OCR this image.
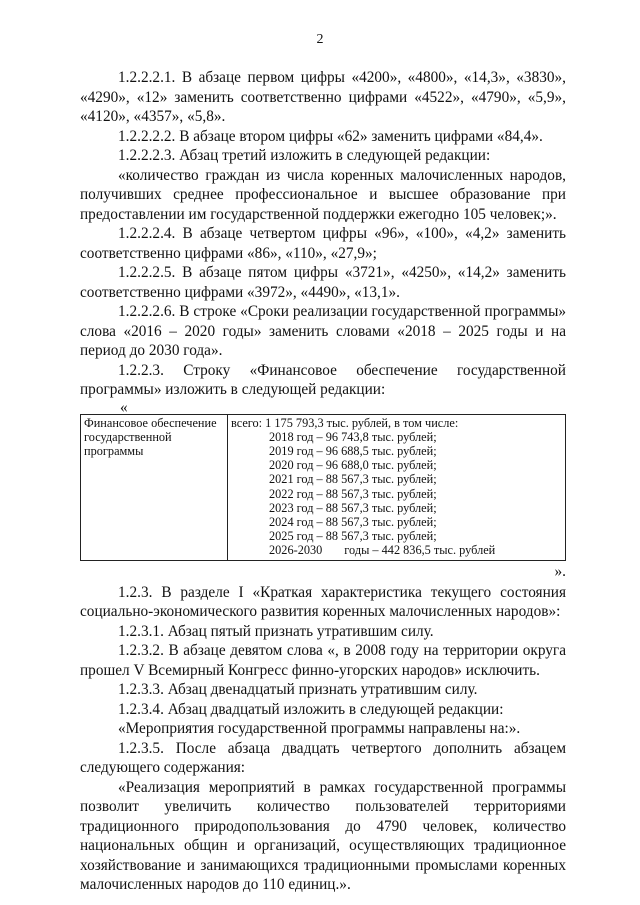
2

1.2.2.2.1. В абзаце первом цифры «4200», «4800», «14,3», «3830», «4290», «12» заменить соответственно цифрами «4522», «4790», «5,9», «4120», «4357», «5,8».

1.2.2.2.2. В абзаце втором цифры «62» заменить цифрами «84,4».

1.2.2.2.3. Абзац третий изложить в следующей редакции:

«количество граждан из числа коренных малочисленных народов, получивших среднее профессиональное и высшее образование при предоставлении им государственной поддержки ежегодно 105 человек;».

1.2.2.2.4. В абзаце четвертом цифры «96», «100», «4,2» заменить соответственно цифрами «86», «110», «27,9»;

1.2.2.2.5. В абзаце пятом цифры «3721», «4250», «14,2» заменить соответственно цифрами «3972», «4490», «13,1».

1.2.2.2.6. В строке «Сроки реализации государственной программы» слова «2016 – 2020 годы» заменить словами «2018 – 2025 годы и на период до 2030 года».

1.2.2.3. Строку «Финансовое обеспечение государственной программы» изложить в следующей редакции:

«
Финансовое обеспечение государственной программы	
всего: 1 175 793,3 тыс. рублей, в том числе:
2018 год – 96 743,8 тыс. рублей;
2019 год – 96 688,5 тыс. рублей;
2020 год – 96 688,0 тыс. рублей;
2021 год – 88 567,3 тыс. рублей;
2022 год – 88 567,3 тыс. рублей;
2023 год – 88 567,3 тыс. рублей;
2024 год – 88 567,3 тыс. рублей;
2025 год – 88 567,3 тыс. рублей;
2026-2030 годы – 442 836,5 тыс. рублей
».

1.2.3. В разделе I «Краткая характеристика текущего состояния социально-экономического развития коренных малочисленных народов»:

1.2.3.1. Абзац пятый признать утратившим силу.

1.2.3.2. В абзаце девятом слова «, в 2008 году на территории округа прошел V Всемирный Конгресс финно-угорских народов» исключить.

1.2.3.3. Абзац двенадцатый признать утратившим силу.

1.2.3.4. Абзац двадцатый изложить в следующей редакции:

«Мероприятия государственной программы направлены на:».

1.2.3.5. После абзаца двадцать четвертого дополнить абзацем следующего содержания:

«Реализация мероприятий в рамках государственной программы позволит увеличить количество пользователей территориями традиционного природопользования до 4790 человек, количество национальных общин и организаций, осуществляющих традиционное хозяйствование и занимающихся традиционными промыслами коренных малочисленных народов до 110 единиц.».
